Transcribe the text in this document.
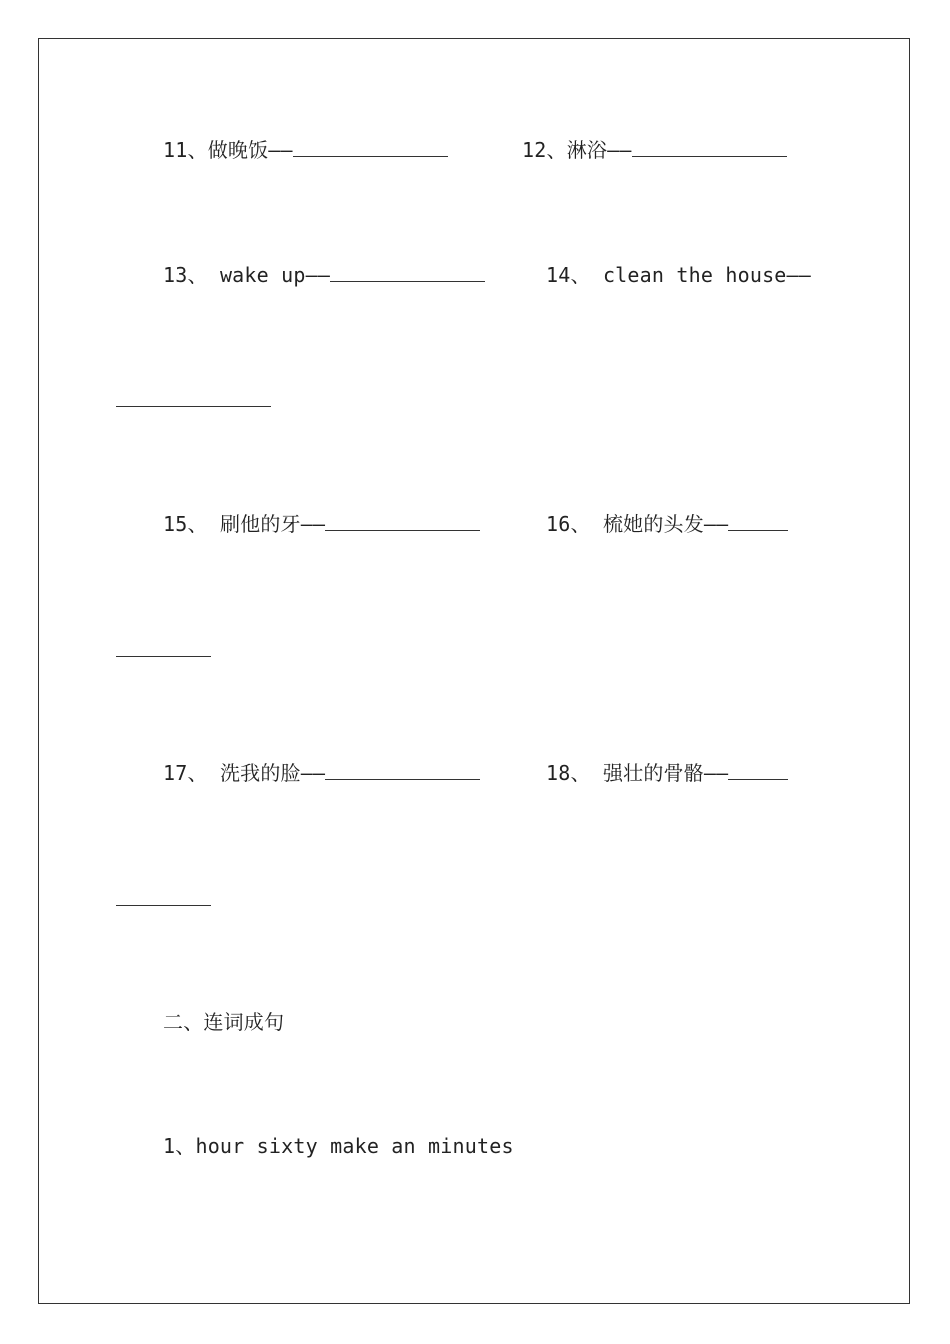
11、做晚饭——	12、淋浴——
13、 wake up——	14、 clean the house——
15、 刷他的牙——	16、 梳她的头发——
17、 洗我的脸——	18、 强壮的骨骼——
二、连词成句
1、hour sixty make an minutes
